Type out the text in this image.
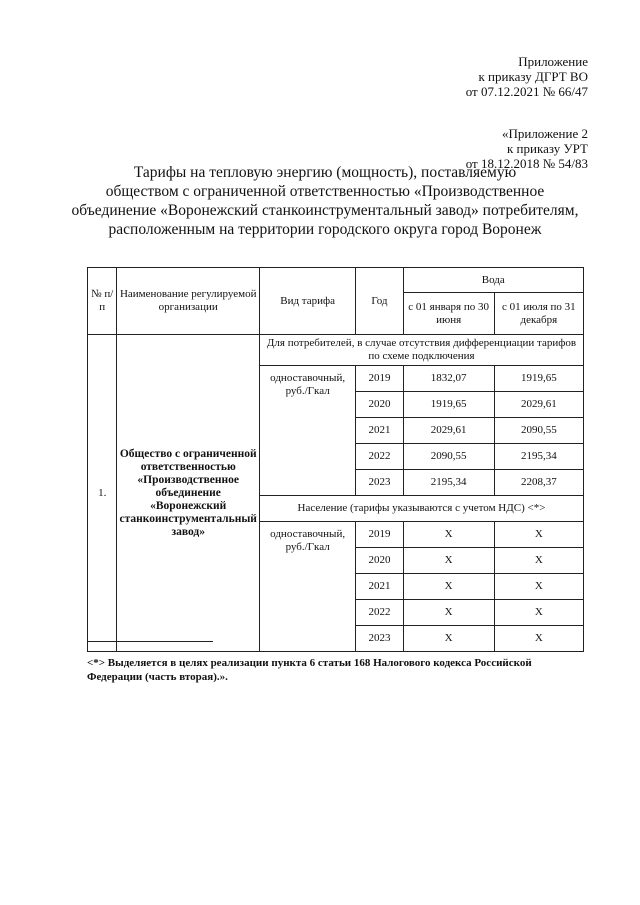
Приложение
к приказу ДГРТ ВО
от 07.12.2021 № 66/47
«Приложение 2
к приказу УРТ
от 18.12.2018 № 54/83
Тарифы на тепловую энергию (мощность), поставляемую
обществом с ограниченной ответственностью «Производственное
объединение «Воронежский станкоинструментальный завод» потребителям,
расположенным на территории городского округа город Воронеж
№ п/п	Наименование регулируемой организации	Вид тарифа	Год	Вода	
				с 01 января по 30 июня	с 01 июля по 31 декабря
1.	Общество с ограниченной ответственностью «Производственное объединение «Воронежский станкоинструментальный завод»	Для потребителей, в случае отсутствия дифференциации тарифов по схеме подключения			
		одноставочный, руб./Гкал	2019	1832,07	1919,65
			2020	1919,65	2029,61
			2021	2029,61	2090,55
			2022	2090,55	2195,34
			2023	2195,34	2208,37
		Население (тарифы указываются с учетом НДС) <*>			
		одноставочный, руб./Гкал	2019	Х	Х
			2020	Х	Х
			2021	Х	Х
			2022	Х	Х
			2023	Х	Х
<*> Выделяется в целях реализации пункта 6 статьи 168 Налогового кодекса Российской Федерации (часть вторая).».
